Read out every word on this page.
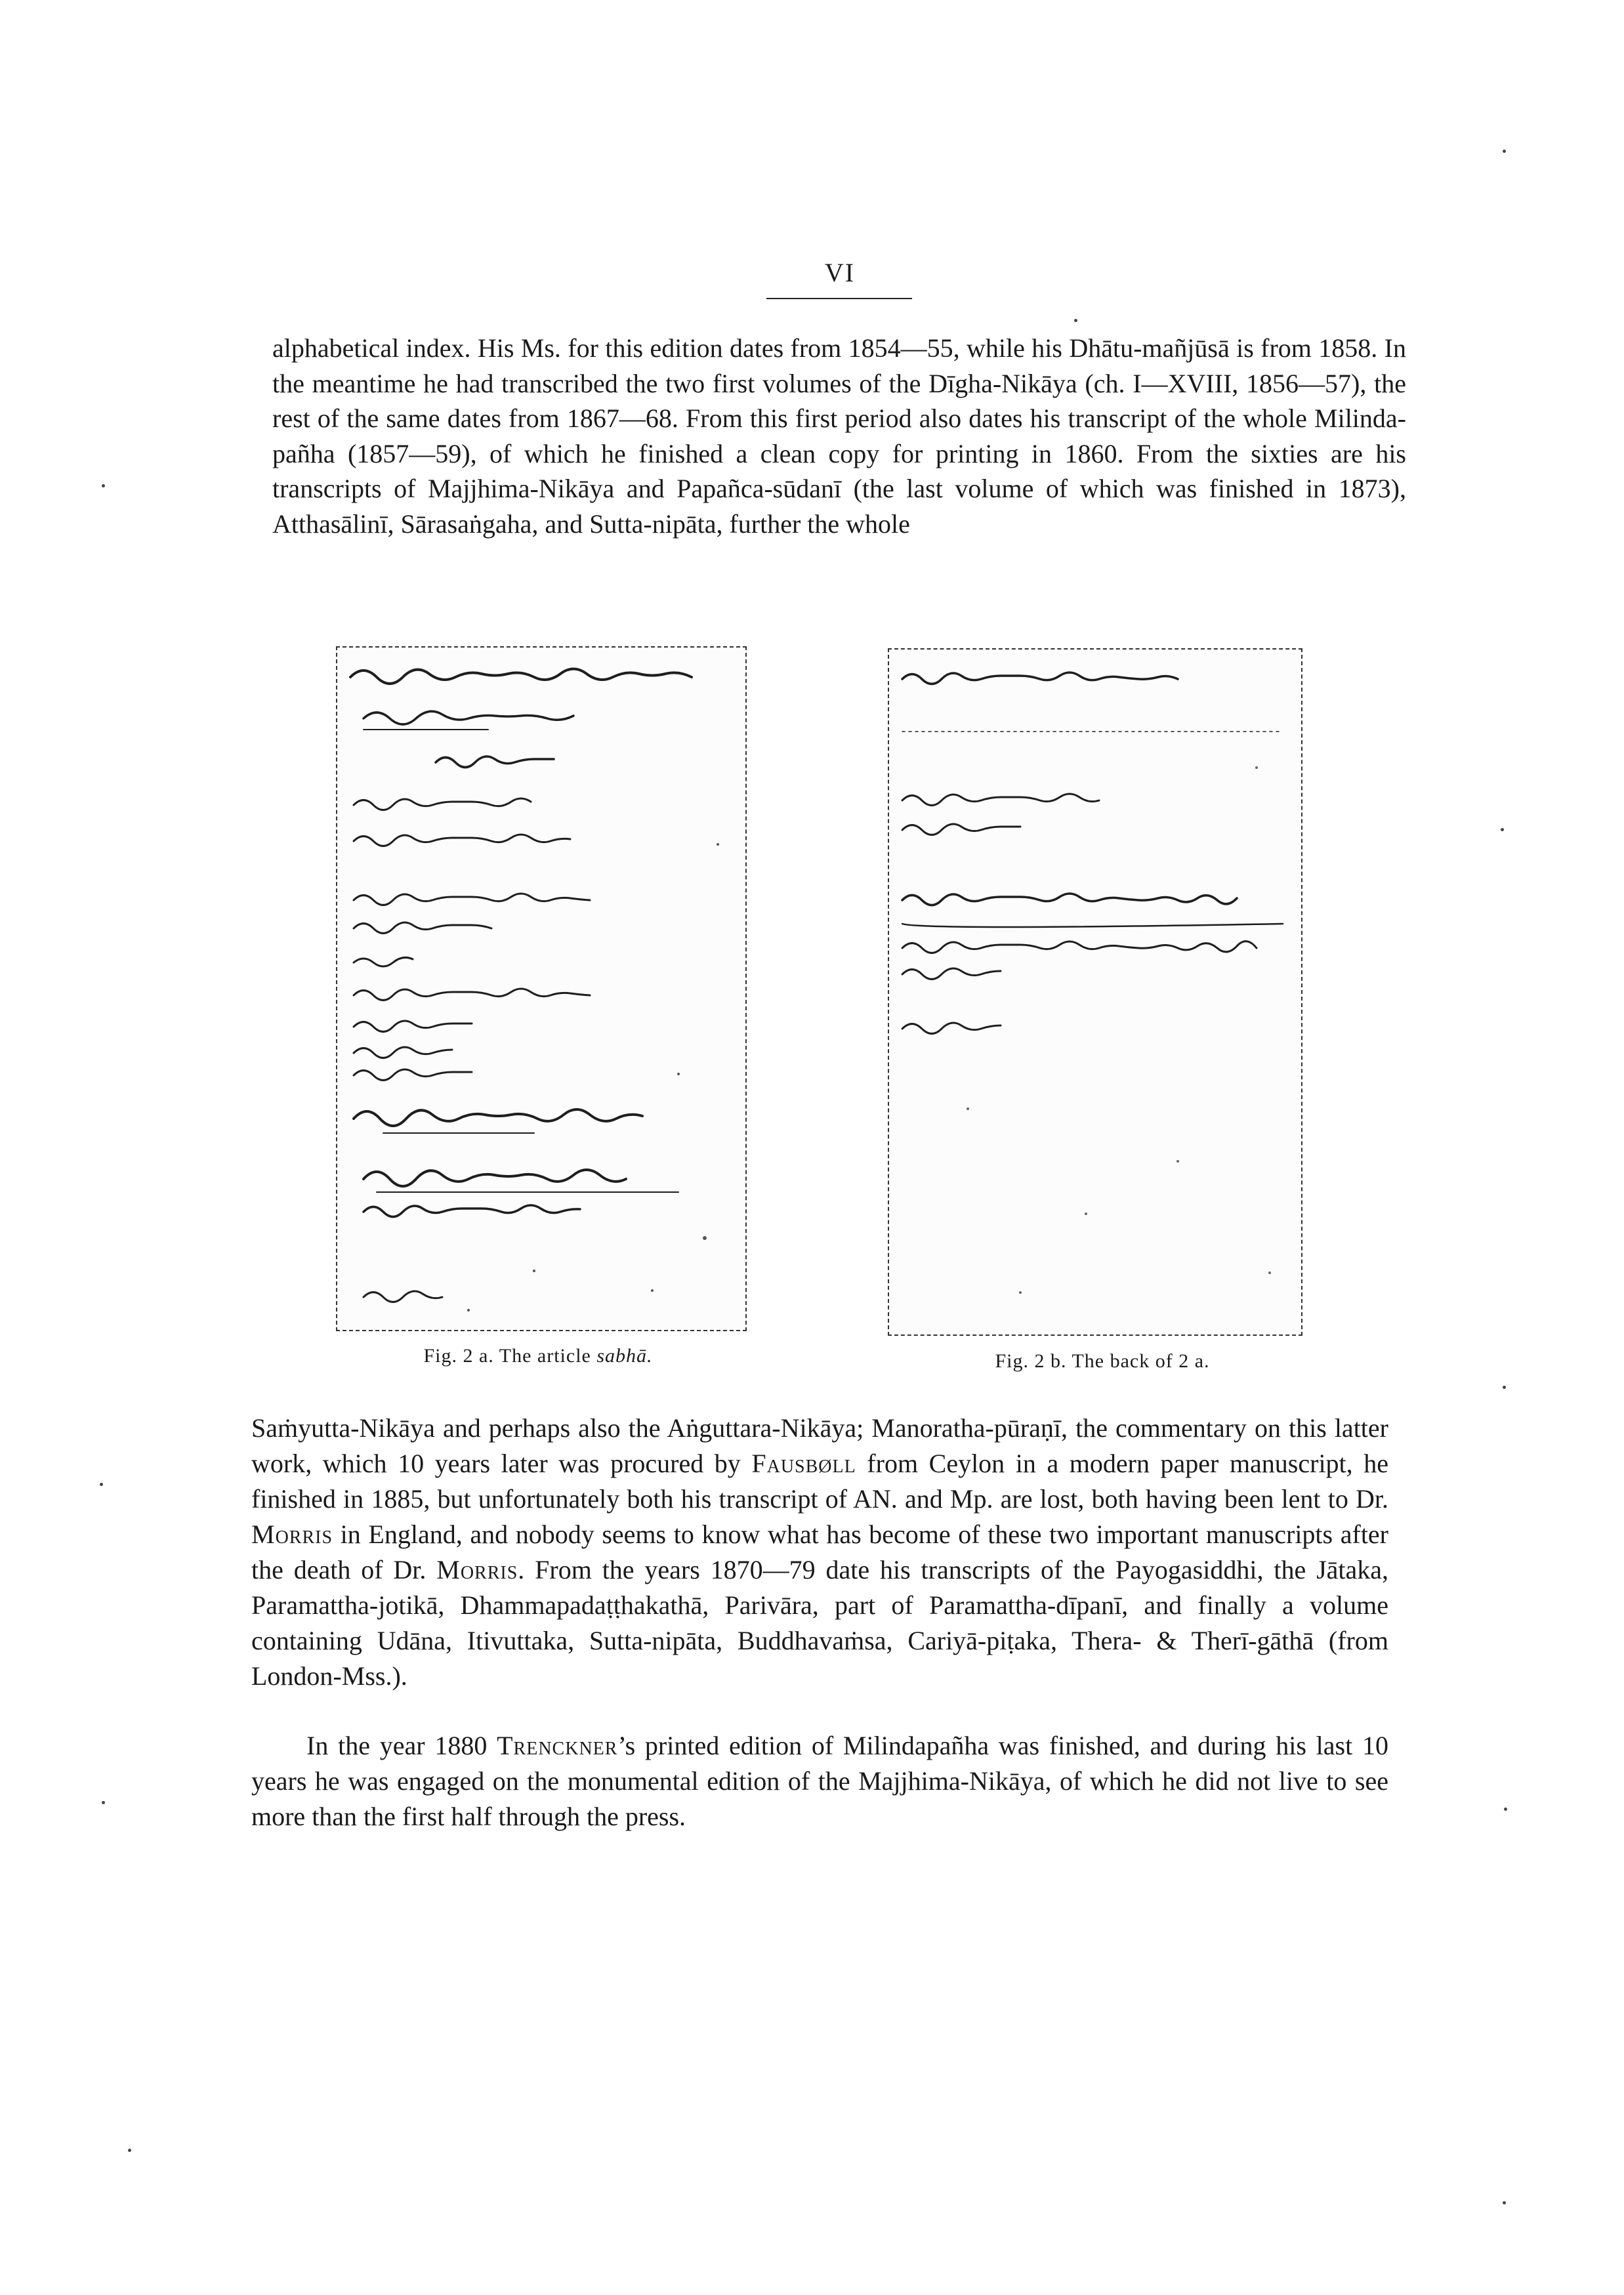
VI

alphabetical index. His Ms. for this edition dates from 1854—55, while his Dhātu-mañjūsā is from 1858. In the meantime he had transcribed the two first volumes of the Dīgha-Nikāya (ch. I—XVIII, 1856—57), the rest of the same dates from 1867—68. From this first period also dates his transcript of the whole Milinda-pañha (1857—59), of which he finished a clean copy for printing in 1860. From the sixties are his transcripts of Majjhima-Nikāya and Papañca-sūdanī (the last volume of which was finished in 1873), Atthasālinī, Sārasaṅgaha, and Sutta-nipāta, further the whole

Fig. 2 a. The article sabhā.	Fig. 2 b. The back of 2 a.

Saṁyutta-Nikāya and perhaps also the Aṅguttara-Nikāya; Manoratha-pūraṇī, the commentary on this latter work, which 10 years later was procured by Fausbøll from Ceylon in a modern paper manuscript, he finished in 1885, but unfortunately both his transcript of AN. and Mp. are lost, both having been lent to Dr. Morris in England, and nobody seems to know what has become of these two important manuscripts after the death of Dr. Morris. From the years 1870—79 date his transcripts of the Payogasiddhi, the Jātaka, Paramattha-jotikā, Dhammapadaṭṭhakathā, Parivāra, part of Paramattha-dīpanī, and finally a volume containing Udāna, Itivuttaka, Sutta-nipāta, Buddhavaṁsa, Cariyā-piṭaka, Thera- & Therī-gāthā (from London-Mss.).

In the year 1880 Trenckner’s printed edition of Milindapañha was finished, and during his last 10 years he was engaged on the monumental edition of the Majjhima-Nikāya, of which he did not live to see more than the first half through the press.
